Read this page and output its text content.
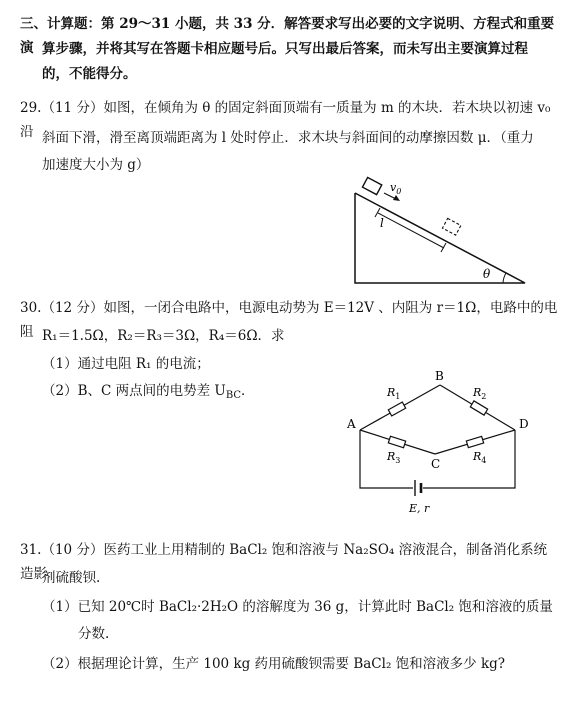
三、计算题：第 29～31 小题，共 33 分．解答要求写出必要的文字说明、方程式和重要演 算步骤，并将其写在答题卡相应题号后。只写出最后答案，而未写出主要演算过程
的，不能得分。
29.（11 分）如图，在倾角为 θ 的固定斜面顶端有一质量为 m 的木块．若木块以初速 v₀ 沿 斜面下滑，滑至离顶端距离为 l 处时停止．求木块与斜面间的动摩擦因数 μ．（重力
加速度大小为 g）
$v_0$
l
θ
30.（12 分）如图，一闭合电路中，电源电动势为 E＝12V 、内阻为 r＝1Ω，电路中的电阻 R₁＝1.5Ω，R₂＝R₃＝3Ω，R₄＝6Ω．求
（1）通过电阻 R₁ 的电流；
（2）B、C 两点间的电势差 $U_{BC}$．
A
B
C
D
$R_1$	$R_2$
$R_3$	$R_4$
E, r
31.（10 分）医药工业上用精制的 BaCl₂ 饱和溶液与 Na₂SO₄ 溶液混合，制备消化系统造影
剂硫酸钡.
（1）已知 20℃时 BaCl₂·2H₂O 的溶解度为 36 g，计算此时 BaCl₂ 饱和溶液的质量
分数.
（2）根据理论计算，生产 100 kg 药用硫酸钡需要 BaCl₂ 饱和溶液多少 kg?
